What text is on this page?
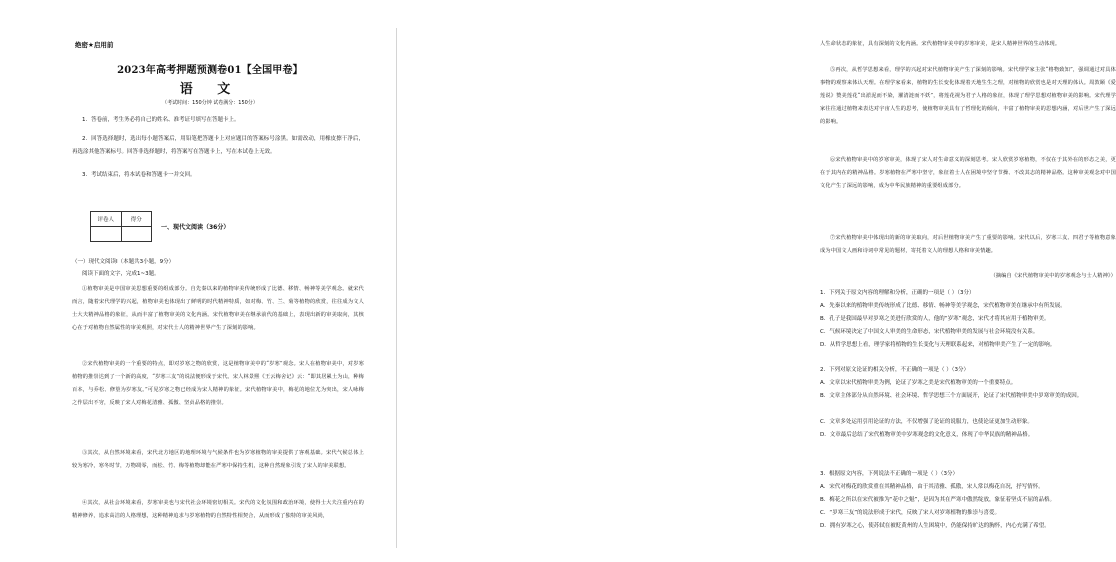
绝密★启用前
2023年高考押题预测卷01【全国甲卷】
语 文
（考试时间：150分钟 试卷满分：150分）

1．答卷前，考生务必将自己的姓名、准考证号填写在答题卡上。

2．回答选择题时，选出每小题答案后，用铅笔把答题卡上对应题目的答案标号涂黑。如需改动，用橡皮擦干净后，再选涂其他答案标号。回答非选择题时，将答案写在答题卡上，写在本试卷上无效。

3．考试结束后，将本试卷和答题卡一并交回。

评卷人	得分

一、现代文阅读（36分）

（一）现代文阅读Ⅰ（本题共3小题，9分）

阅读下面的文字，完成1~3题。

①植物审美是中国审美思想重要的组成部分。自先秦以来的植物审美传统形成了比德、移情、畅神等美学观念。就宋代而言，随着宋代理学的兴起，植物审美也体现出了鲜明的时代精神特质，如对梅、竹、兰、菊等植物的欣赏，往往成为文人士大夫精神品格的象征，从而丰富了植物审美的文化内涵。宋代植物审美在继承前代的基础上，表现出新的审美取向，其核心在于对植物自然属性的审美观照，对宋代士人的精神世界产生了深刻的影响。

②宋代植物审美的一个重要的特点，即对岁寒之物的欣赏，这是植物审美中的“岁寒”观念。宋人在植物审美中，对岁寒植物的推崇达到了一个新的高度，“岁寒三友”的说法便形成于宋代。宋人林景熙《王云梅舍记》云：“即其居累土为山，种梅百本，与乔松、修篁为岁寒友。”可见岁寒之物已经成为宋人精神的象征。宋代植物审美中，梅花的地位尤为突出，宋人咏梅之作层出不穷，反映了宋人对梅花清雅、孤傲、坚贞品格的推崇。

③其次，从自然环境来看，宋代北方地区的地理环境与气候条件也为岁寒植物的审美提供了客观基础。宋代气候总体上较为寒冷，寒冬时节，万物凋零，而松、竹、梅等植物却能在严寒中保持生机，这种自然现象引发了宋人的审美联想。

④其次，从社会环境来看，岁寒审美也与宋代社会环境密切相关。宋代的文化氛围和政治环境，使得士大夫注重内在的精神修养，追求高洁的人格理想，这种精神追求与岁寒植物的自然特性相契合，从而形成了独特的审美风尚，

人生命状态的象征，具有深刻的文化内涵。宋代植物审美中的岁寒审美，是宋人精神世界的生动体现。

⑤再次，从哲学思想来看，理学的兴起对宋代植物审美产生了深刻的影响。宋代理学家主张“格物致知”，强调通过对具体事物的观察来体认天理。在理学家看来，植物的生长变化体现着天地生生之理，对植物的欣赏也是对天理的体认。周敦颐《爱莲说》赞美莲花“出淤泥而不染，濯清涟而不妖”，将莲花视为君子人格的象征，体现了理学思想对植物审美的影响。宋代理学家往往通过植物来表达对宇宙人生的思考，使植物审美具有了哲理化的倾向，丰富了植物审美的思想内涵，对后世产生了深远的影响。

⑥宋代植物审美中的岁寒审美，体现了宋人对生命意义的深刻思考。宋人欣赏岁寒植物，不仅在于其外在的形态之美，更在于其内在的精神品格。岁寒植物在严寒中坚守，象征着士人在困境中坚守节操、不改其志的精神品格。这种审美观念对中国文化产生了深远的影响，成为中华民族精神的重要组成部分。

⑦宋代植物审美中体现出的新的审美取向，对后世植物审美产生了重要的影响。宋代以后，岁寒三友、四君子等植物意象成为中国文人画和诗词中常见的题材，寄托着文人的理想人格和审美情趣。

（摘编自《宋代植物审美中的岁寒观念与士人精神》）

1．下列关于原文内容的理解和分析，正确的一项是（ ）（3分）

A．先秦以来的植物审美传统形成了比德、移情、畅神等美学观念，宋代植物审美在继承中有所发展。

B．孔子是我国最早对岁寒之美进行欣赏的人，他的“岁寒”观念，宋代才将其应用于植物审美。

C．气候环境决定了中国文人审美的生命形态，宋代植物审美的发展与社会环境没有关系。

D．从哲学思想上看，理学家将植物的生长变化与天理联系起来，对植物审美产生了一定的影响。

2．下列对原文论证的相关分析，不正确的一项是（ ）（3分）

A．文章以宋代植物审美为例，论证了岁寒之美是宋代植物审美的一个重要特点。

B．文章主体部分从自然环境、社会环境、哲学思想三个方面展开，论证了宋代植物审美中岁寒审美的成因。

C．文章多处运用引用论证的方法，不仅增强了论证的说服力，也使论证更加生动形象。

D．文章最后总结了宋代植物审美中岁寒观念的文化意义，体现了中华民族的精神品格。

3．根据原文内容，下列说法不正确的一项是（ ）（3分）

A．宋代对梅花的欣赏重在其精神品格，由于其清雅、孤傲，宋人常以梅花自况，抒写情怀。

B．梅花之所以在宋代被推为“花中之魁”，是因为其在严寒中傲然绽放，象征着坚贞不屈的品格。

C．“岁寒三友”的说法形成于宋代，反映了宋人对岁寒植物的推崇与喜爱。

D．拥有岁寒之心，使苏轼在被贬黄州的人生困境中，仍能保持旷达的胸怀，内心充满了希望。
